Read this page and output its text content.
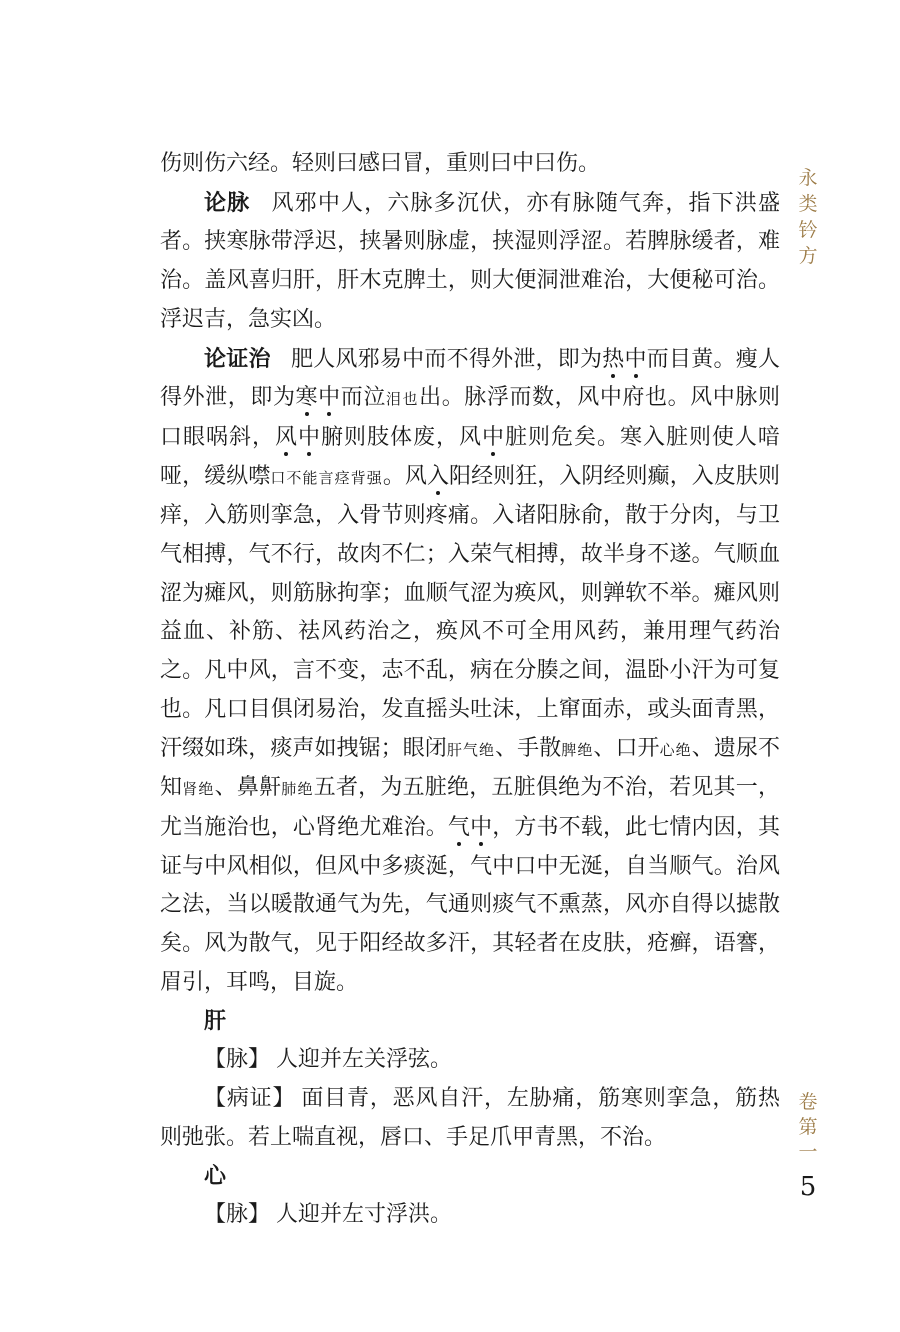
永
类
钤
方
卷
第
一
5

伤则伤六经。轻则曰感曰冒，重则曰中曰伤。

论脉 风邪中人，六脉多沉伏，亦有脉随气奔，指下洪盛者。挟寒脉带浮迟，挟暑则脉虚，挟湿则浮涩。若脾脉缓者，难治。盖风喜归肝，肝木克脾土，则大便洞泄难治，大便秘可治。浮迟吉，急实凶。

论证治 肥人风邪易中而不得外泄，即为热中而目黄。瘦人得外泄，即为寒中而泣泪也出。脉浮而数，风中府也。风中脉则口眼㖞斜，风中腑则肢体废，风中脏则危矣。寒入脏则使人喑哑，缓纵噤口不能言痉背强。风入阳经则狂，入阴经则癫，入皮肤则痒，入筋则挛急，入骨节则疼痛。入诸阳脉俞，散于分肉，与卫气相搏，气不行，故肉不仁；入荣气相搏，故半身不遂。气顺血涩为瘫风，则筋脉拘挛；血顺气涩为痪风，则亸软不举。瘫风则益血、补筋、祛风药治之，痪风不可全用风药，兼用理气药治之。凡中风，言不变，志不乱，病在分腠之间，温卧小汗为可复也。凡口目俱闭易治，发直摇头吐沫，上窜面赤，或头面青黑，汗缀如珠，痰声如拽锯；眼闭肝气绝、手散脾绝、口开心绝、遗尿不知肾绝、鼻鼾肺绝五者，为五脏绝，五脏俱绝为不治，若见其一，尤当施治也，心肾绝尤难治。气中，方书不载，此七情内因，其证与中风相似，但风中多痰涎，气中口中无涎，自当顺气。治风之法，当以暖散通气为先，气通则痰气不熏蒸，风亦自得以摅散矣。风为散气，见于阳经故多汗，其轻者在皮肤，疮癣，语謇，眉引，耳鸣，目旋。

肝

【脉】 人迎并左关浮弦。

【病证】 面目青，恶风自汗，左胁痛，筋寒则挛急，筋热则弛张。若上喘直视，唇口、手足爪甲青黑，不治。

心

【脉】 人迎并左寸浮洪。
